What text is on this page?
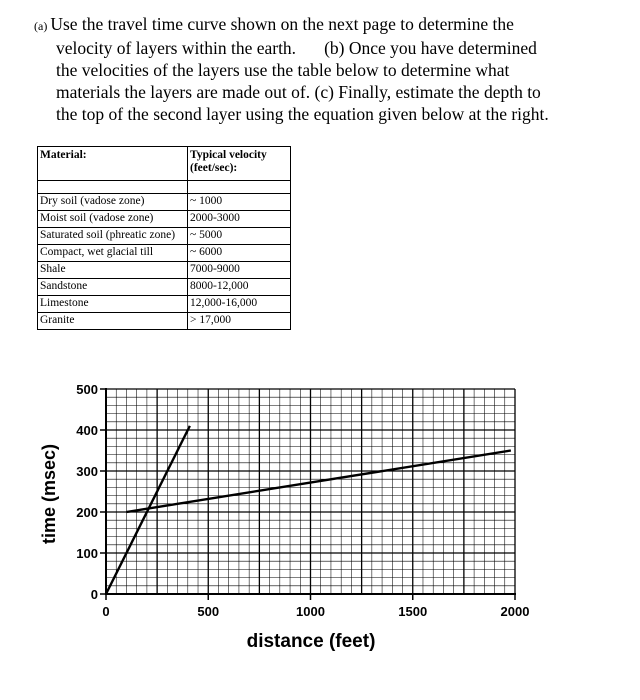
(a) Use the travel time curve shown on the next page to determine the
velocity of layers within the earth. (b) Once you have determined
the velocities of the layers use the table below to determine what
materials the layers are made out of. (c) Finally, estimate the depth to
the top of the second layer using the equation given below at the right.
Material:	Typical velocity
(feet/sec):

Dry soil (vadose zone)	~ 1000
Moist soil (vadose zone)	2000-3000
Saturated soil (phreatic zone)	~ 5000
Compact, wet glacial till	~ 6000
Shale	7000-9000
Sandstone	8000-12,000
Limestone	12,000-16,000
Granite	> 17,000
0
100
200
300
400
500
0	500	1000	1500	2000
distance (feet)
time (msec)
